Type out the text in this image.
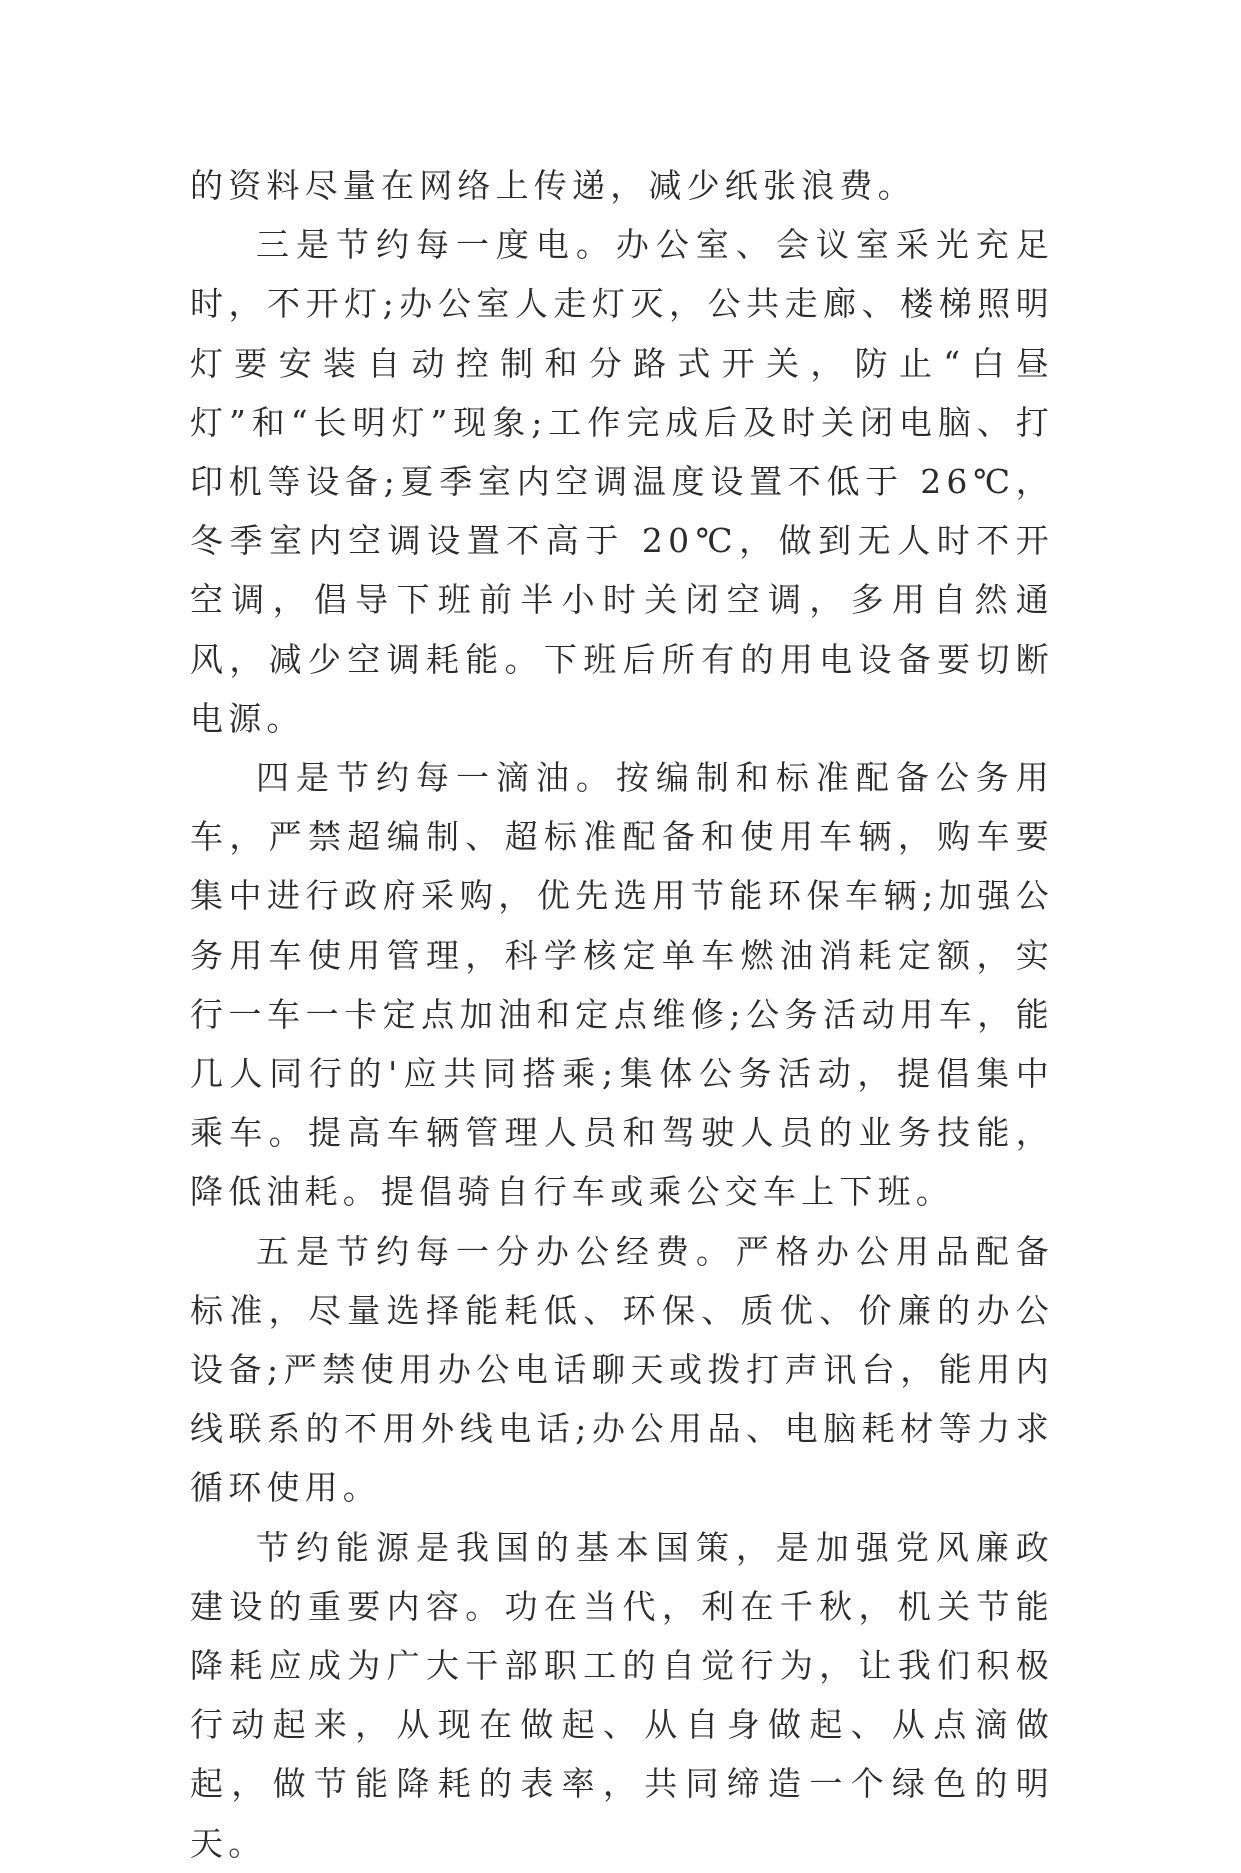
的资料尽量在网络上传递，减少纸张浪费。

三是节约每一度电。办公室、会议室采光充足时，不开灯;办公室人走灯灭，公共走廊、楼梯照明灯要安装自动控制和分路式开关，防止“白昼灯”和“长明灯”现象;工作完成后及时关闭电脑、打印机等设备;夏季室内空调温度设置不低于 26℃，冬季室内空调设置不高于 20℃，做到无人时不开空调，倡导下班前半小时关闭空调，多用自然通风，减少空调耗能。下班后所有的用电设备要切断电源。

四是节约每一滴油。按编制和标准配备公务用车，严禁超编制、超标准配备和使用车辆，购车要集中进行政府采购，优先选用节能环保车辆;加强公务用车使用管理，科学核定单车燃油消耗定额，实行一车一卡定点加油和定点维修;公务活动用车，能几人同行的'应共同搭乘;集体公务活动，提倡集中乘车。提高车辆管理人员和驾驶人员的业务技能，降低油耗。提倡骑自行车或乘公交车上下班。

五是节约每一分办公经费。严格办公用品配备标准，尽量选择能耗低、环保、质优、价廉的办公设备;严禁使用办公电话聊天或拨打声讯台，能用内线联系的不用外线电话;办公用品、电脑耗材等力求循环使用。

节约能源是我国的基本国策，是加强党风廉政建设的重要内容。功在当代，利在千秋，机关节能降耗应成为广大干部职工的自觉行为，让我们积极行动起来，从现在做起、从自身做起、从点滴做起，做节能降耗的表率，共同缔造一个绿色的明天。
